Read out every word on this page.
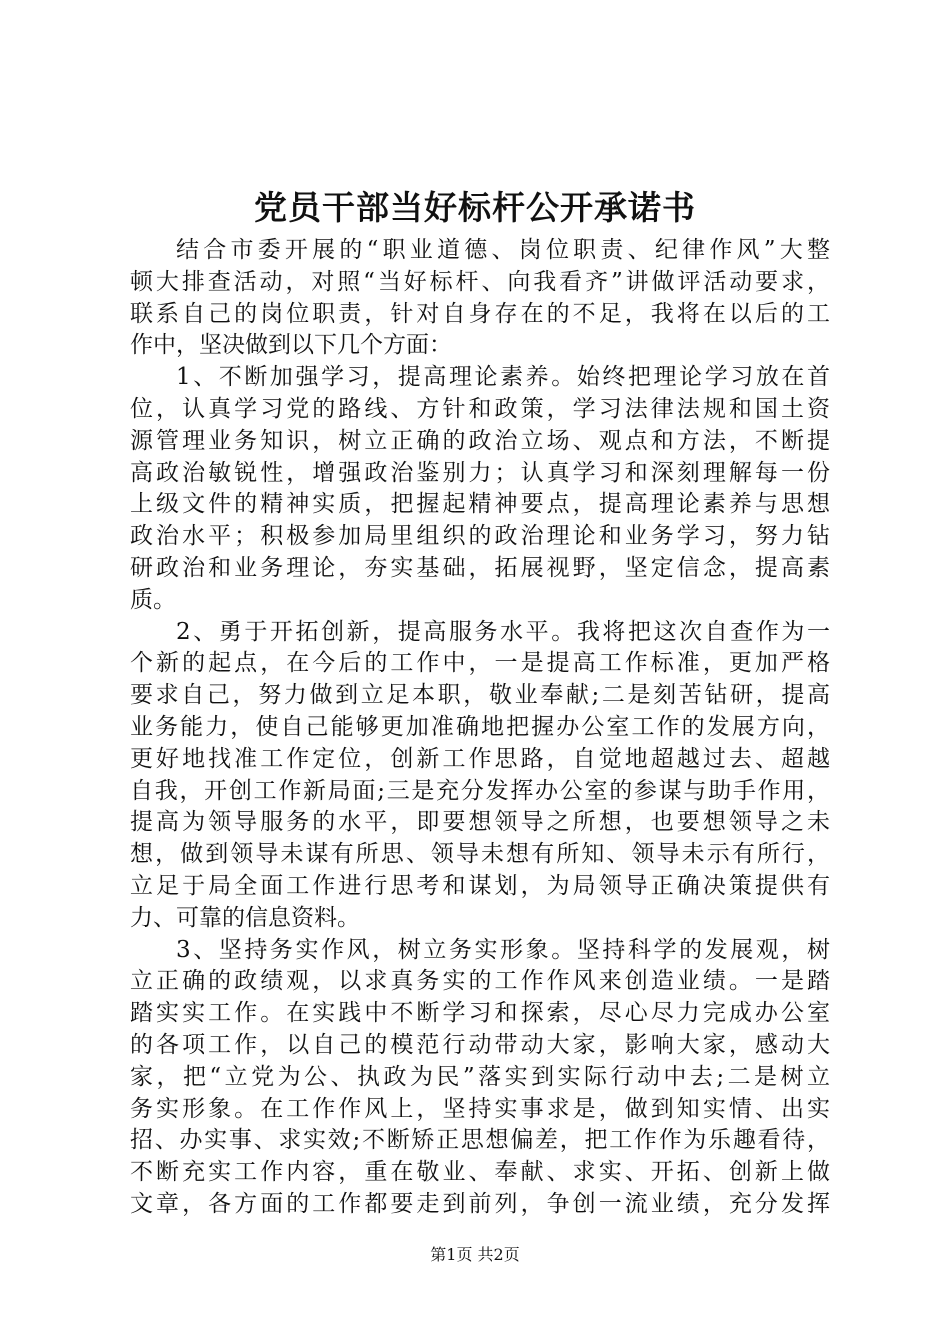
党员干部当好标杆公开承诺书
结合市委开展的“职业道德、岗位职责、纪律作风”大整
顿大排查活动，对照“当好标杆、向我看齐”讲做评活动要求，
联系自己的岗位职责，针对自身存在的不足，我将在以后的工
作中，坚决做到以下几个方面：
1、不断加强学习，提高理论素养。始终把理论学习放在首
位，认真学习党的路线、方针和政策，学习法律法规和国土资
源管理业务知识，树立正确的政治立场、观点和方法，不断提
高政治敏锐性，增强政治鉴别力；认真学习和深刻理解每一份
上级文件的精神实质，把握起精神要点，提高理论素养与思想
政治水平；积极参加局里组织的政治理论和业务学习，努力钻
研政治和业务理论，夯实基础，拓展视野，坚定信念，提高素
质。
2、勇于开拓创新，提高服务水平。我将把这次自查作为一
个新的起点，在今后的工作中，一是提高工作标准，更加严格
要求自己，努力做到立足本职，敬业奉献;二是刻苦钻研，提高
业务能力，使自己能够更加准确地把握办公室工作的发展方向，
更好地找准工作定位，创新工作思路，自觉地超越过去、超越
自我，开创工作新局面;三是充分发挥办公室的参谋与助手作用，
提高为领导服务的水平，即要想领导之所想，也要想领导之未
想，做到领导未谋有所思、领导未想有所知、领导未示有所行，
立足于局全面工作进行思考和谋划，为局领导正确决策提供有
力、可靠的信息资料。
3、坚持务实作风，树立务实形象。坚持科学的发展观，树
立正确的政绩观，以求真务实的工作作风来创造业绩。一是踏
踏实实工作。在实践中不断学习和探索，尽心尽力完成办公室
的各项工作，以自己的模范行动带动大家，影响大家，感动大
家，把“立党为公、执政为民”落实到实际行动中去;二是树立
务实形象。在工作作风上，坚持实事求是，做到知实情、出实
招、办实事、求实效;不断矫正思想偏差，把工作作为乐趣看待，
不断充实工作内容，重在敬业、奉献、求实、开拓、创新上做
文章，各方面的工作都要走到前列，争创一流业绩，充分发挥
第1页 共2页
